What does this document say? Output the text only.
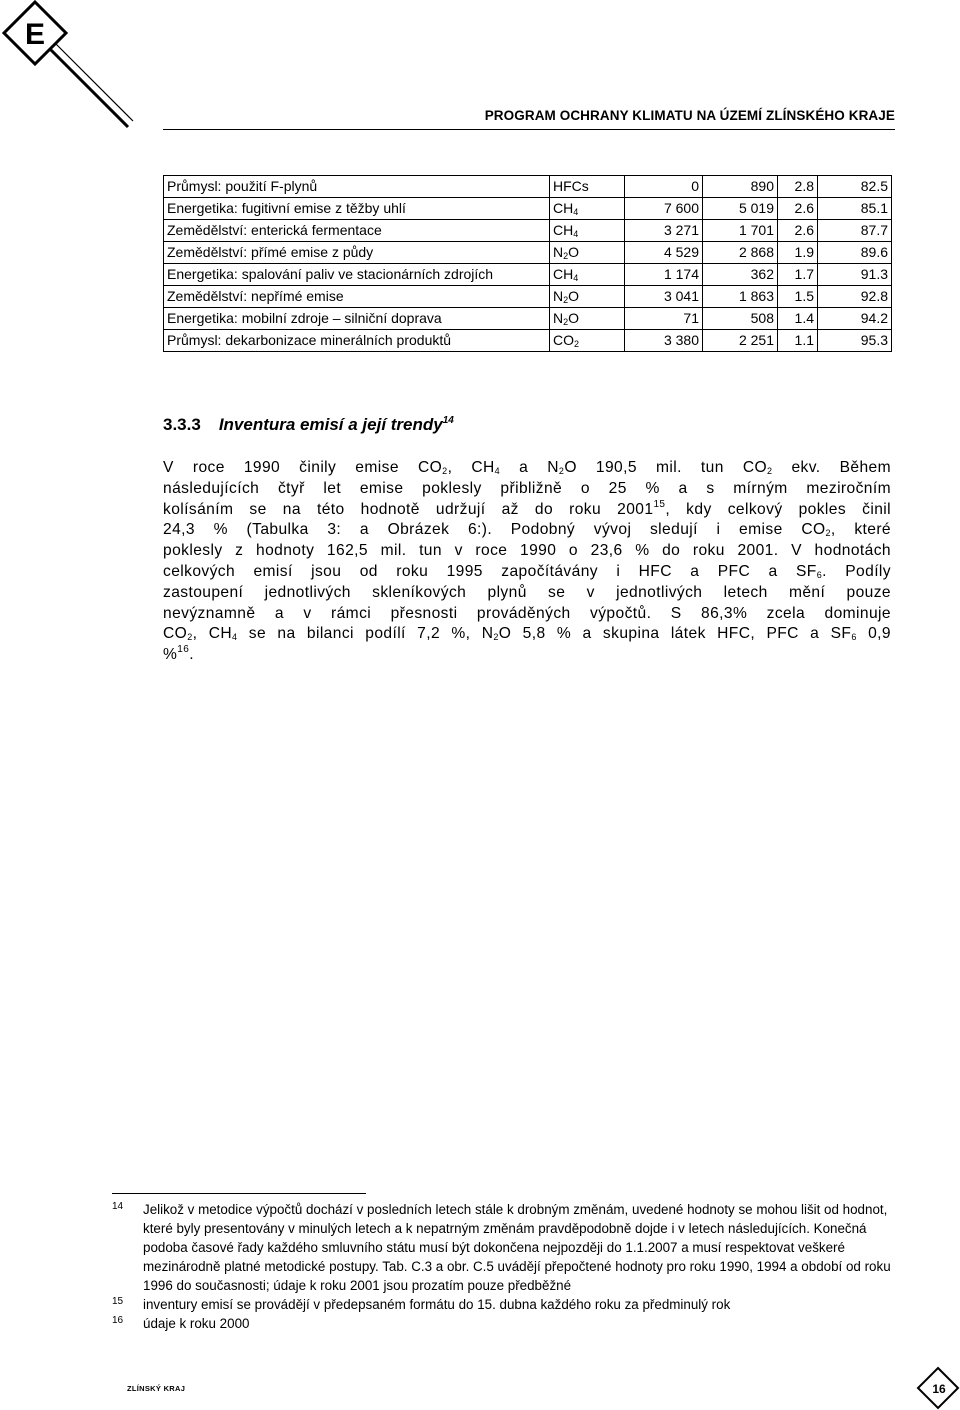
E
PROGRAM OCHRANY KLIMATU NA ÚZEMÍ ZLÍNSKÉHO KRAJE
Průmysl: použití F-plynů	HFCs	0	890	2.8	82.5
Energetika: fugitivní emise z těžby uhlí	$CH_4$	7 600	5 019	2.6	85.1
Zemědělství: enterická fermentace	$CH_4$	3 271	1 701	2.6	87.7
Zemědělství: přímé emise z půdy	$N_2O$	4 529	2 868	1.9	89.6
Energetika: spalování paliv ve stacionárních zdrojích	$CH_4$	1 174	362	1.7	91.3
Zemědělství: nepřímé emise	$N_2O$	3 041	1 863	1.5	92.8
Energetika: mobilní zdroje – silniční doprava	$N_2O$	71	508	1.4	94.2
Průmysl: dekarbonizace minerálních produktů	$CO_2$	3 380	2 251	1.1	95.3
3.3.3 Inventura emisí a její trendy$^{14}$
V roce 1990 činily emise $CO_2$, $CH_4$ a $N_2O$ 190,5 mil. tun $CO_2$ ekv. Během
následujících čtyř let emise poklesly přibližně o 25 % a s mírným meziročním
kolísáním se na této hodnotě udržují až do roku 2001$^{15}$, kdy celkový pokles činil
24,3 % (Tabulka 3: a Obrázek 6:). Podobný vývoj sledují i emise $CO_2$, které
poklesly z hodnoty 162,5 mil. tun v roce 1990 o 23,6 % do roku 2001. V hodnotách
celkových emisí jsou od roku 1995 započítávány i HFC a PFC a $SF_6$. Podíly
zastoupení jednotlivých skleníkových plynů se v jednotlivých letech mění pouze
nevýznamně a v rámci přesnosti prováděných výpočtů. S 86,3% zcela dominuje
$CO_2$, $CH_4$ se na bilanci podílí 7,2 %, $N_2O$ 5,8 % a skupina látek HFC, PFC a $SF_6$ 0,9
%$^{16}$.
14 Jelikož v metodice výpočtů dochází v posledních letech stále k drobným změnám, uvedené hodnoty se mohou lišit od hodnot, které byly presentovány v minulých letech a k nepatrným změnám pravděpodobně dojde i v letech následujících. Konečná podoba časové řady každého smluvního státu musí být dokončena nejpozději do 1.1.2007 a musí respektovat veškeré mezinárodně platné metodické postupy. Tab. C.3 a obr. C.5 uvádějí přepočtené hodnoty pro roku 1990, 1994 a období od roku 1996 do současnosti; údaje k roku 2001 jsou prozatím pouze předběžné
15 inventury emisí se provádějí v předepsaném formátu do 15. dubna každého roku za předminulý rok
16 údaje k roku 2000
ZLÍNSKÝ KRAJ	16
